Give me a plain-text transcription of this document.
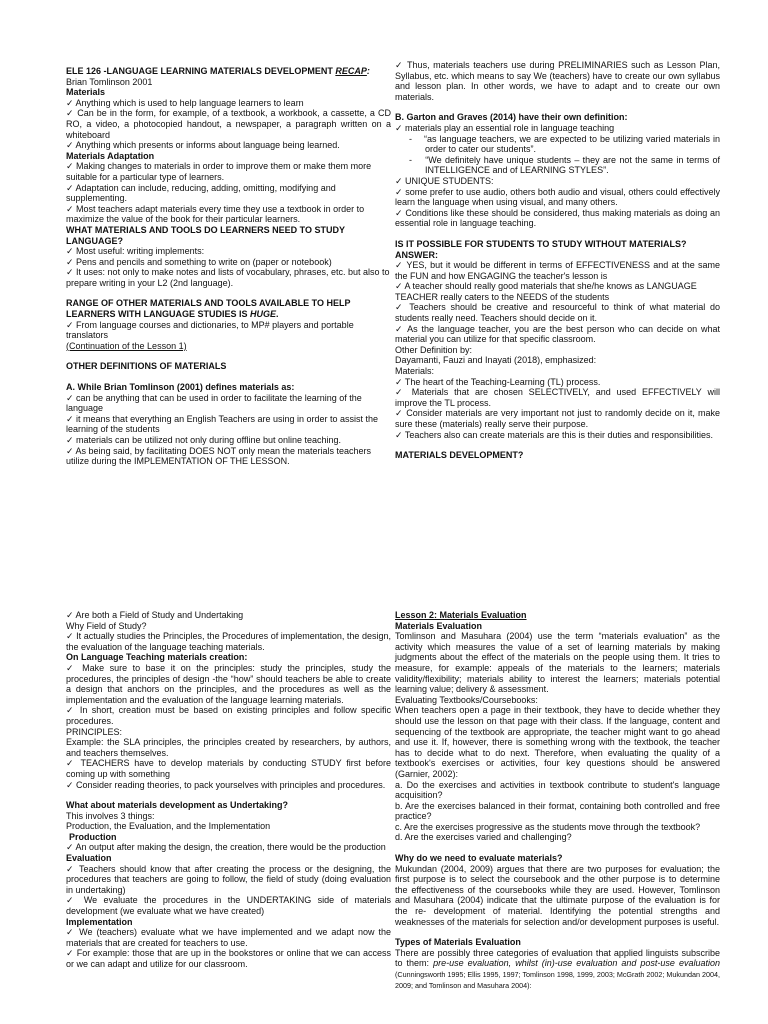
ELE 126 -LANGUAGE LEARNING MATERIALS DEVELOPMENT RECAP:

Brian Tomlinson 2001

Materials

✓ Anything which is used to help language learners to learn

✓ Can be in the form, for example, of a textbook, a workbook, a cassette, a CD RO, a video, a photocopied handout, a newspaper, a paragraph written on a whiteboard

✓ Anything which presents or informs about language being learned.

Materials Adaptation

✓ Making changes to materials in order to improve them or make them more suitable for a particular type of learners.

✓ Adaptation can include, reducing, adding, omitting, modifying and supplementing.

✓ Most teachers adapt materials every time they use a textbook in order to maximize the value of the book for their particular learners.

WHAT MATERIALS AND TOOLS DO LEARNERS NEED TO STUDY LANGUAGE?

✓ Most useful: writing implements:

✓ Pens and pencils and something to write on (paper or notebook)

✓ It uses: not only to make notes and lists of vocabulary, phrases, etc. but also to prepare writing in your L2 (2nd language).

RANGE OF OTHER MATERIALS AND TOOLS AVAILABLE TO HELP LEARNERS WITH LANGUAGE STUDIES IS HUGE.

✓ From language courses and dictionaries, to MP# players and portable translators

(Continuation of the Lesson 1)

OTHER DEFINITIONS OF MATERIALS

A. While Brian Tomlinson (2001) defines materials as:

✓ can be anything that can be used in order to facilitate the learning of the language

✓ it means that everything an English Teachers are using in order to assist the learning of the students

✓ materials can be utilized not only during offline but online teaching.

✓ As being said, by facilitating DOES NOT only mean the materials teachers utilize during the IMPLEMENTATION OF THE LESSON.

✓ Thus, materials teachers use during PRELIMINARIES such as Lesson Plan, Syllabus, etc. which means to say We (teachers) have to create our own syllabus and lesson plan. In other words, we have to adapt and to create our own materials.

B. Garton and Graves (2014) have their own definition:

✓ materials play an essential role in language teaching

-    “as language teachers, we are expected to be utilizing varied materials in order to cater our students”.

-    “We definitely have unique students – they are not the same in terms of INTELLIGENCE and of LEARNING STYLES”.

✓ UNIQUE STUDENTS:

✓ some prefer to use audio, others both audio and visual, others could effectively learn the language when using visual, and many others.

✓ Conditions like these should be considered, thus making materials as doing an essential role in language teaching.

IS IT POSSIBLE FOR STUDENTS TO STUDY WITHOUT MATERIALS?

ANSWER:

✓ YES, but it would be different in terms of EFFECTIVENESS and at the same the FUN and how ENGAGING the teacher's lesson is

✓ A teacher should really good materials that she/he knows as LANGUAGE TEACHER really caters to the NEEDS of the students

✓ Teachers should be creative and resourceful to think of what material do students really need. Teachers should decide on it.

✓ As the language teacher, you are the best person who can decide on what material you can utilize for that specific classroom.

Other Definition by:

Dayamanti, Fauzi and Inayati (2018), emphasized:

Materials:

✓ The heart of the Teaching-Learning (TL) process.

✓ Materials that are chosen SELECTIVELY, and used EFFECTIVELY will improve the TL process.

✓ Consider materials are very important not just to randomly decide on it, make sure these (materials) really serve their purpose.

✓ Teachers also can create materials are this is their duties and responsibilities.

MATERIALS DEVELOPMENT?

✓ Are both a Field of Study and Undertaking

Why Field of Study?

✓ It actually studies the Principles, the Procedures of implementation, the design, the evaluation of the language teaching materials.

On Language Teaching materials creation:

✓ Make sure to base it on the principles: study the principles, study the procedures, the principles of design -the “how” should teachers be able to create a design that anchors on the principles, and the procedures as well as the implementation and the evaluation of the language learning materials.

✓ In short, creation must be based on existing principles and follow specific procedures.

PRINCIPLES:

Example: the SLA principles, the principles created by researchers, by authors, and teachers themselves.

✓ TEACHERS have to develop materials by conducting STUDY first before coming up with something

✓ Consider reading theories, to pack yourselves with principles and procedures.

What about materials development as Undertaking?

This involves 3 things:

Production, the Evaluation, and the Implementation

Production

✓ An output after making the design, the creation, there would be the production

Evaluation

✓ Teachers should know that after creating the process or the designing, the procedures that teachers are going to follow, the field of study (doing evaluation in undertaking)

✓ We evaluate the procedures in the UNDERTAKING side of materials development (we evaluate what we have created)

Implementation

✓ We (teachers) evaluate what we have implemented and we adapt now the materials that are created for teachers to use.

✓ For example: those that are up in the bookstores or online that we can access or we can adapt and utilize for our classroom.

Lesson 2: Materials Evaluation

Materials Evaluation

Tomlinson and Masuhara (2004) use the term “materials evaluation” as the activity which measures the value of a set of learning materials by making judgments about the effect of the materials on the people using them. It tries to measure, for example: appeals of the materials to the learners; materials validity/flexibility; materials ability to interest the learners; materials potential learning value; delivery & assessment.

Evaluating Textbooks/Coursebooks:

When teachers open a page in their textbook, they have to decide whether they should use the lesson on that page with their class. If the language, content and sequencing of the textbook are appropriate, the teacher might want to go ahead and use it. If, however, there is something wrong with the textbook, the teacher has to decide what to do next. Therefore, when evaluating the quality of a textbook's exercises or activities, four key questions should be answered (Garnier, 2002):

a. Do the exercises and activities in textbook contribute to student's language acquisition?

b. Are the exercises balanced in their format, containing both controlled and free practice?

c. Are the exercises progressive as the students move through the textbook?

d. Are the exercises varied and challenging?

Why do we need to evaluate materials?

Mukundan (2004, 2009) argues that there are two purposes for evaluation; the first purpose is to select the coursebook and the other purpose is to determine the effectiveness of the coursebooks while they are used. However, Tomlinson and Masuhara (2004) indicate that the ultimate purpose of the evaluation is for the re- development of material. Identifying the potential strengths and weaknesses of the materials for selection and/or development purposes is useful.

Types of Materials Evaluation

There are possibly three categories of evaluation that applied linguists subscribe to them: pre-use evaluation, whilst (in)-use evaluation and post-use evaluation (Cunningsworth 1995; Ellis 1995, 1997; Tomlinson 1998, 1999, 2003; McGrath 2002; Mukundan 2004, 2009; and Tomlinson and Masuhara 2004):
